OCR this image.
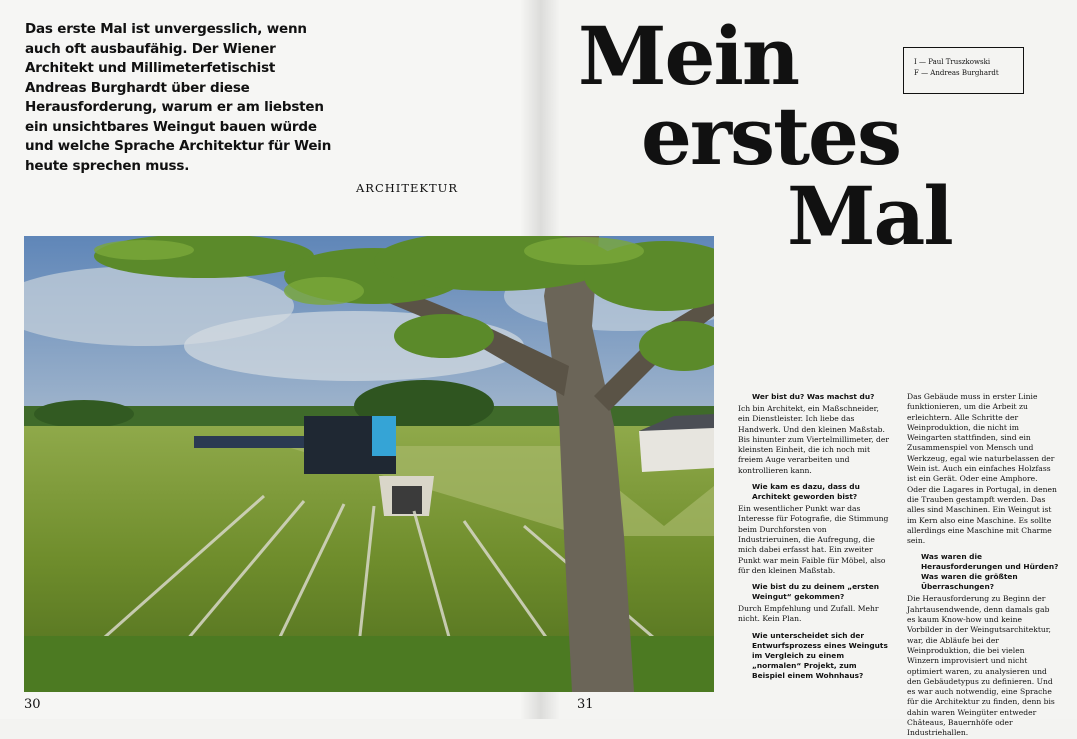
Das erste Mal ist unvergesslich, wenn auch oft ausbaufähig. Der Wiener Architekt und Millimeterfetischist Andreas Burghardt über diese Herausforderung, warum er am liebsten ein unsichtbares Weingut bauen würde und welche Sprache Architektur für Wein heute sprechen muss.
ARCHITEKTUR
Mein
erstes
Mal
I — Paul Truszkowski
F — Andreas Burghardt
30	31

Wer bist du? Was machst du?

Ich bin Architekt, ein Maßschneider, ein Dienstleister. Ich liebe das Handwerk. Und den kleinen Maßstab. Bis hinunter zum Viertelmillimeter, der kleinsten Einheit, die ich noch mit freiem Auge verarbeiten und kontrollieren kann.

Wie kam es dazu, dass du Architekt geworden bist?

Ein wesentlicher Punkt war das Interesse für Fotografie, die Stimmung beim Durchforsten von Industrieruinen, die Aufregung, die mich dabei erfasst hat. Ein zweiter Punkt war mein Faible für Möbel, also für den kleinen Maßstab.

Wie bist du zu deinem „ersten Weingut“ gekommen?

Durch Empfehlung und Zufall. Mehr nicht. Kein Plan.

Wie unterscheidet sich der Entwurfsprozess eines Weinguts im Vergleich zu einem „normalen“ Projekt, zum Beispiel einem Wohnhaus?

Das Gebäude muss in erster Linie funktionieren, um die Arbeit zu erleichtern. Alle Schritte der Weinproduktion, die nicht im Weingarten stattfinden, sind ein Zusammenspiel von Mensch und Werkzeug, egal wie naturbelassen der Wein ist. Auch ein einfaches Holzfass ist ein Gerät. Oder eine Amphore. Oder die Lagares in Portugal, in denen die Trauben gestampft werden. Das alles sind Maschinen. Ein Weingut ist im Kern also eine Maschine. Es sollte allerdings eine Maschine mit Charme sein.

Was waren die Herausforderungen und Hürden? Was waren die größten Überraschungen?

Die Herausforderung zu Beginn der Jahrtausendwende, denn damals gab es kaum Know-how und keine Vorbilder in der Weingutsarchitektur, war, die Abläufe bei der Weinproduktion, die bei vielen Winzern improvisiert und nicht optimiert waren, zu analysieren und den Gebäudetypus zu definieren. Und es war auch notwendig, eine Sprache für die Architektur zu finden, denn bis dahin waren Weingüter entweder Châteaus, Bauernhöfe oder Industriehallen.
